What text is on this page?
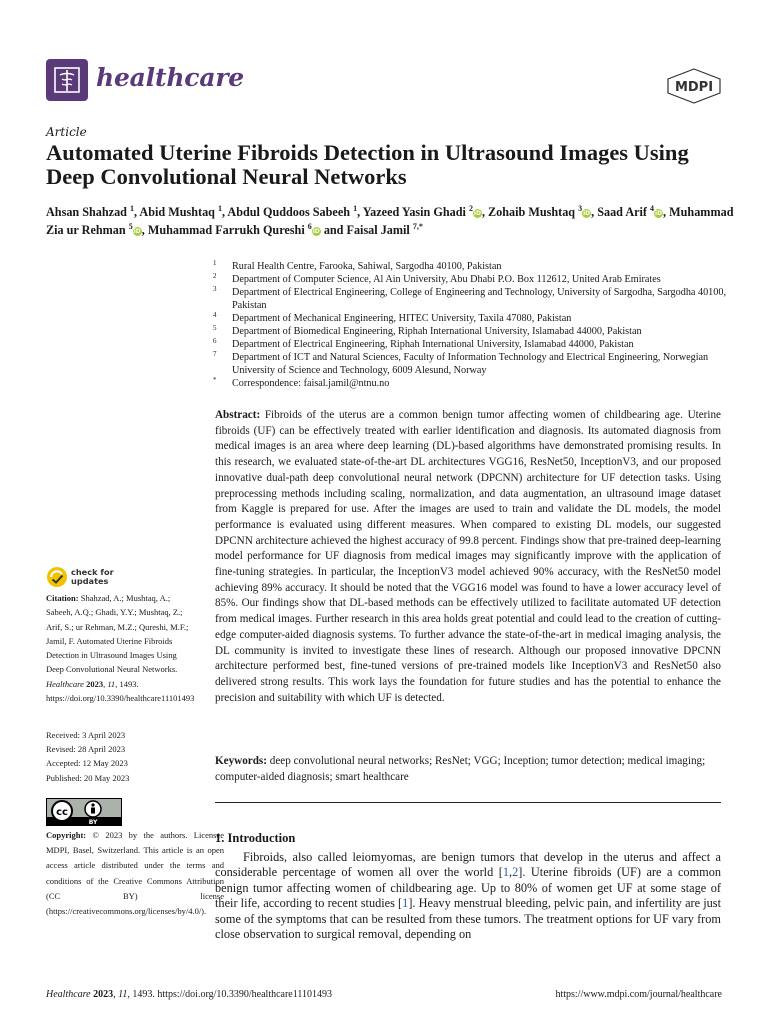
healthcare	MDPI
Article
Automated Uterine Fibroids Detection in Ultrasound Images Using Deep Convolutional Neural Networks
Ahsan Shahzad $^1$, Abid Mushtaq $^1$, Abdul Quddoos Sabeeh $^1$, Yazeed Yasin Ghadi $^2$iD, Zohaib Mushtaq $^3$iD, Saad Arif $^4$iD, Muhammad Zia ur Rehman $^5$iD, Muhammad Farrukh Qureshi $^6$iD and Faisal Jamil $^{7,*}$
1 Rural Health Centre, Farooka, Sahiwal, Sargodha 40100, Pakistan
2 Department of Computer Science, Al Ain University, Abu Dhabi P.O. Box 112612, United Arab Emirates
3 Department of Electrical Engineering, College of Engineering and Technology, University of Sargodha, Sargodha 40100, Pakistan
4 Department of Mechanical Engineering, HITEC University, Taxila 47080, Pakistan
5 Department of Biomedical Engineering, Riphah International University, Islamabad 44000, Pakistan
6 Department of Electrical Engineering, Riphah International University, Islamabad 44000, Pakistan
7 Department of ICT and Natural Sciences, Faculty of Information Technology and Electrical Engineering, Norwegian University of Science and Technology, 6009 Alesund, Norway
* Correspondence: faisal.jamil@ntnu.no
Abstract: Fibroids of the uterus are a common benign tumor affecting women of childbearing age. Uterine fibroids (UF) can be effectively treated with earlier identification and diagnosis. Its automated diagnosis from medical images is an area where deep learning (DL)-based algorithms have demonstrated promising results. In this research, we evaluated state-of-the-art DL architectures VGG16, ResNet50, InceptionV3, and our proposed innovative dual-path deep convolutional neural network (DPCNN) architecture for UF detection tasks. Using preprocessing methods including scaling, normalization, and data augmentation, an ultrasound image dataset from Kaggle is prepared for use. After the images are used to train and validate the DL models, the model performance is evaluated using different measures. When compared to existing DL models, our suggested DPCNN architecture achieved the highest accuracy of 99.8 percent. Findings show that pre-trained deep-learning model performance for UF diagnosis from medical images may significantly improve with the application of fine-tuning strategies. In particular, the InceptionV3 model achieved 90% accuracy, with the ResNet50 model achieving 89% accuracy. It should be noted that the VGG16 model was found to have a lower accuracy level of 85%. Our findings show that DL-based methods can be effectively utilized to facilitate automated UF detection from medical images. Further research in this area holds great potential and could lead to the creation of cutting-edge computer-aided diagnosis systems. To further advance the state-of-the-art in medical imaging analysis, the DL community is invited to investigate these lines of research. Although our proposed innovative DPCNN architecture performed best, fine-tuned versions of pre-trained models like InceptionV3 and ResNet50 also delivered strong results. This work lays the foundation for future studies and has the potential to enhance the precision and suitability with which UF is detected.
Keywords: deep convolutional neural networks; ResNet; VGG; Inception; tumor detection; medical imaging; computer-aided diagnosis; smart healthcare
1. Introduction
Fibroids, also called leiomyomas, are benign tumors that develop in the uterus and affect a considerable percentage of women all over the world [1,2]. Uterine fibroids (UF) are a common benign tumor affecting women of childbearing age. Up to 80% of women get UF at some stage of their life, according to recent studies [1]. Heavy menstrual bleeding, pelvic pain, and infertility are just some of the symptoms that can be resulted from these tumors. The treatment options for UF vary from close observation to surgical removal, depending on
check for
updates
Citation: Shahzad, A.; Mushtaq, A.; Sabeeh, A.Q.; Ghadi, Y.Y.; Mushtaq, Z.; Arif, S.; ur Rehman, M.Z.; Qureshi, M.F.; Jamil, F. Automated Uterine Fibroids Detection in Ultrasound Images Using Deep Convolutional Neural Networks. Healthcare 2023, 11, 1493. https://doi.org/10.3390/healthcare11101493
Received: 3 April 2023
Revised: 28 April 2023
Accepted: 12 May 2023
Published: 20 May 2023
cc
BY
Copyright: © 2023 by the authors. Licensee MDPI, Basel, Switzerland. This article is an open access article distributed under the terms and conditions of the Creative Commons Attribution (CC BY) license (https://creativecommons.org/licenses/by/4.0/).
Healthcare 2023, 11, 1493. https://doi.org/10.3390/healthcare11101493	https://www.mdpi.com/journal/healthcare
